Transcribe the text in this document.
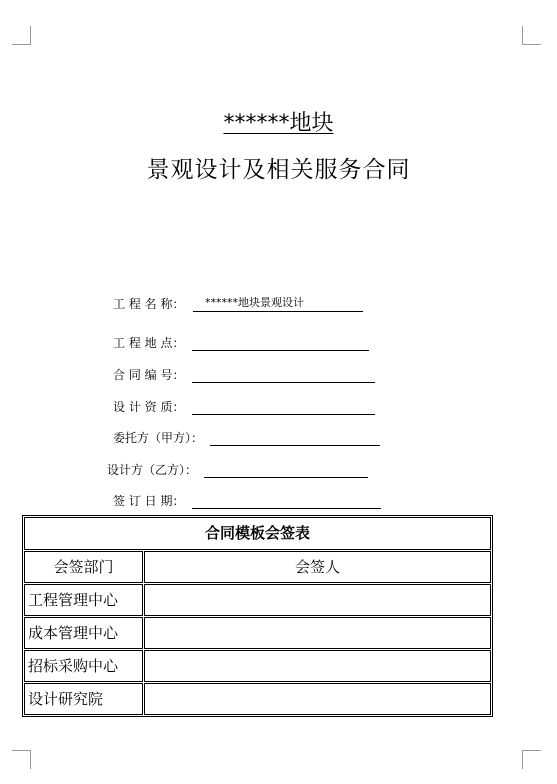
******地块
景观设计及相关服务合同
工 程 名 称： ******地块景观设计
工 程 地 点：
合 同 编 号：
设 计 资 质：
委托方（甲方）：
设计方（乙方）：
签 订 日 期：
合同模板会签表
会签部门	会签人
工程管理中心
成本管理中心
招标采购中心
设计研究院
